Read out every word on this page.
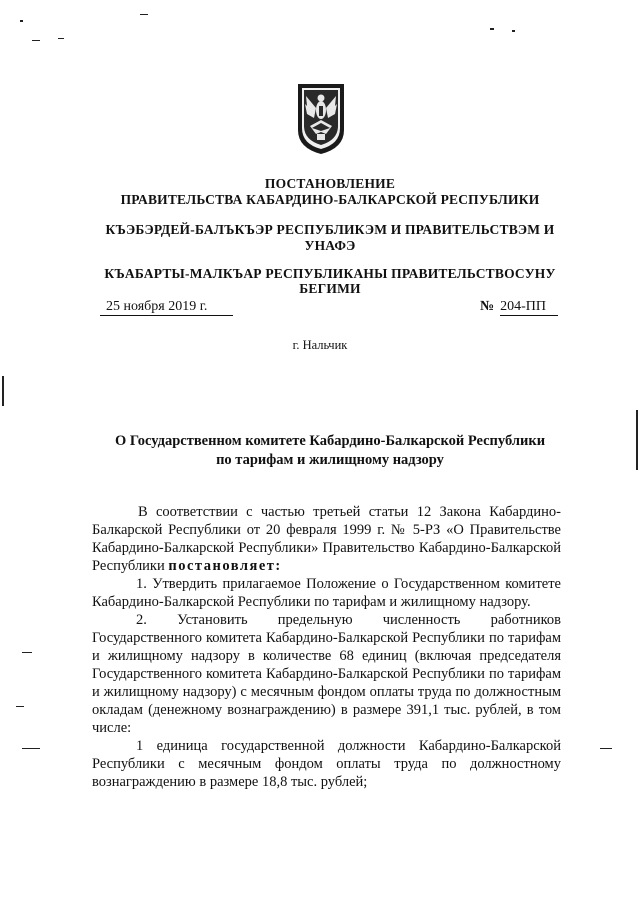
ПОСТАНОВЛЕНИЕ
ПРАВИТЕЛЬСТВА КАБАРДИНО-БАЛКАРСКОЙ РЕСПУБЛИКИ
КЪЭБЭРДЕЙ-БАЛЪКЪЭР РЕСПУБЛИКЭМ И ПРАВИТЕЛЬСТВЭМ И
УНАФЭ
КЪАБАРТЫ-МАЛКЪАР РЕСПУБЛИКАНЫ ПРАВИТЕЛЬСТВОСУНУ
БЕГИМИ
25 ноября 2019 г.	№ 204-ПП
г. Нальчик
О Государственном комитете Кабардино-Балкарской Республики
по тарифам и жилищному надзору

В соответствии с частью третьей статьи 12 Закона Кабардино-Балкарской Республики от 20 февраля 1999 г. № 5-РЗ «О Правительстве Кабардино-Балкарской Республики» Правительство Кабардино-Балкарской Республики постановляет:

1. Утвердить прилагаемое Положение о Государственном комитете Кабардино-Балкарской Республики по тарифам и жилищному надзору.

2. Установить предельную численность работников Государственного комитета Кабардино-Балкарской Республики по тарифам и жилищному надзору в количестве 68 единиц (включая председателя Государственного комитета Кабардино-Балкарской Республики по тарифам и жилищному надзору) с месячным фондом оплаты труда по должностным окладам (денежному вознаграждению) в размере 391,1 тыс. рублей, в том числе:

1 единица государственной должности Кабардино-Балкарской Республики с месячным фондом оплаты труда по должностному вознаграждению в размере 18,8 тыс. рублей;
